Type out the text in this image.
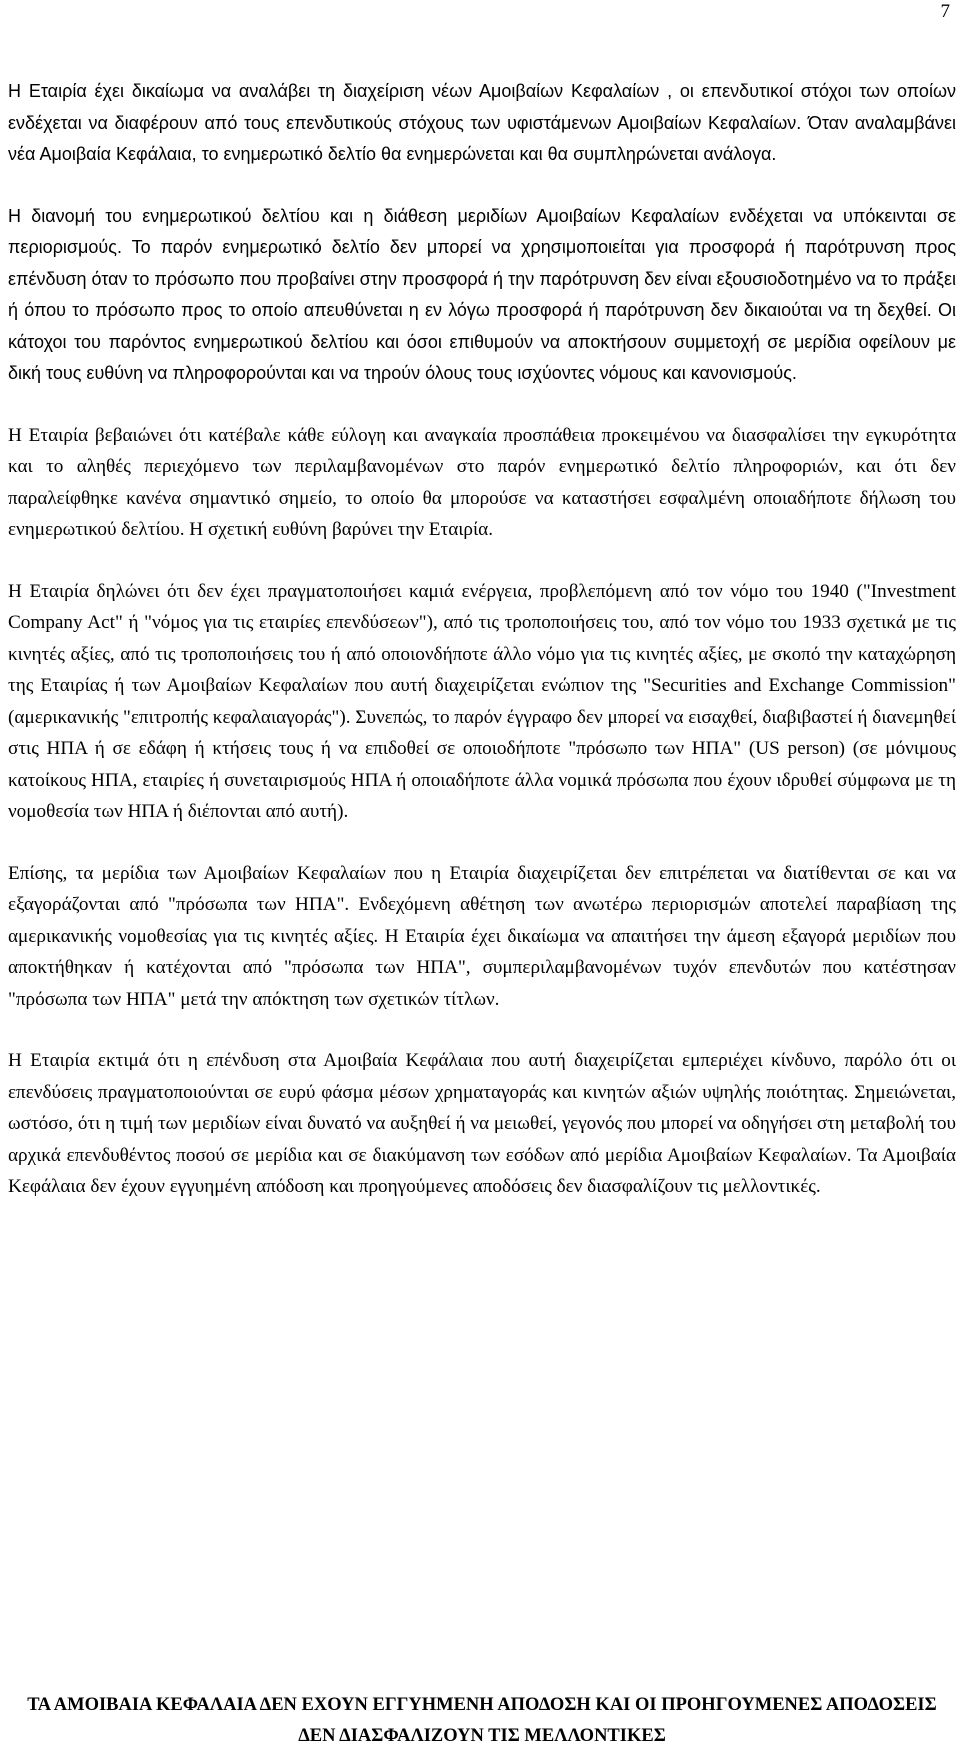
7

Η Εταιρία έχει δικαίωμα να αναλάβει τη διαχείριση νέων Αμοιβαίων Κεφαλαίων , οι επενδυτικοί στόχοι των οποίων ενδέχεται να διαφέρουν από τους επενδυτικούς στόχους των υφιστάμενων Αμοιβαίων Κεφαλαίων. Όταν αναλαμβάνει νέα Αμοιβαία Κεφάλαια, το ενημερωτικό δελτίο θα ενημερώνεται και θα συμπληρώνεται ανάλογα.

Η διανομή του ενημερωτικού δελτίου και η διάθεση μεριδίων Αμοιβαίων Κεφαλαίων ενδέχεται να υπόκεινται σε περιορισμούς. Το παρόν ενημερωτικό δελτίο δεν μπορεί να χρησιμοποιείται για προσφορά ή παρότρυνση προς επένδυση όταν το πρόσωπο που προβαίνει στην προσφορά ή την παρότρυνση δεν είναι εξουσιοδοτημένο να το πράξει ή όπου το πρόσωπο προς το οποίο απευθύνεται η εν λόγω προσφορά ή παρότρυνση δεν δικαιούται να τη δεχθεί. Οι κάτοχοι του παρόντος ενημερωτικού δελτίου και όσοι επιθυμούν να αποκτήσουν συμμετοχή σε μερίδια οφείλουν με δική τους ευθύνη να πληροφορούνται και να τηρούν όλους τους ισχύοντες νόμους και κανονισμούς.

Η Εταιρία βεβαιώνει ότι κατέβαλε κάθε εύλογη και αναγκαία προσπάθεια προκειμένου να διασφαλίσει την εγκυρότητα και το αληθές περιεχόμενο των περιλαμβανομένων στο παρόν ενημερωτικό δελτίο πληροφοριών, και ότι δεν παραλείφθηκε κανένα σημαντικό σημείο, το οποίο θα μπορούσε να καταστήσει εσφαλμένη οποιαδήποτε δήλωση του ενημερωτικού δελτίου. Η σχετική ευθύνη βαρύνει την Εταιρία.

Η Εταιρία δηλώνει ότι δεν έχει πραγματοποιήσει καμιά ενέργεια, προβλεπόμενη από τον νόμο του 1940 ("Investment Company Act" ή "νόμος για τις εταιρίες επενδύσεων"), από τις τροποποιήσεις του, από τον νόμο του 1933 σχετικά με τις κινητές αξίες, από τις τροποποιήσεις του ή από οποιονδήποτε άλλο νόμο για τις κινητές αξίες, με σκοπό την καταχώρηση της Εταιρίας ή των Αμοιβαίων Κεφαλαίων που αυτή διαχειρίζεται ενώπιον της "Securities and Exchange Commission" (αμερικανικής "επιτροπής κεφαλαιαγοράς"). Συνεπώς, το παρόν έγγραφο δεν μπορεί να εισαχθεί, διαβιβαστεί ή διανεμηθεί στις ΗΠΑ ή σε εδάφη ή κτήσεις τους ή να επιδοθεί σε οποιοδήποτε "πρόσωπο των ΗΠΑ" (US person) (σε μόνιμους κατοίκους ΗΠΑ, εταιρίες ή συνεταιρισμούς ΗΠΑ ή οποιαδήποτε άλλα νομικά πρόσωπα που έχουν ιδρυθεί σύμφωνα με τη νομοθεσία των ΗΠΑ ή διέπονται από αυτή).

Επίσης, τα μερίδια των Αμοιβαίων Κεφαλαίων που η Εταιρία διαχειρίζεται δεν επιτρέπεται να διατίθενται σε και να εξαγοράζονται από "πρόσωπα των ΗΠΑ". Ενδεχόμενη αθέτηση των ανωτέρω περιορισμών αποτελεί παραβίαση της αμερικανικής νομοθεσίας για τις κινητές αξίες. Η Εταιρία έχει δικαίωμα να απαιτήσει την άμεση εξαγορά μεριδίων που αποκτήθηκαν ή κατέχονται από "πρόσωπα των ΗΠΑ", συμπεριλαμβανομένων τυχόν επενδυτών που κατέστησαν "πρόσωπα των ΗΠΑ" μετά την απόκτηση των σχετικών τίτλων.

Η Εταιρία εκτιμά ότι η επένδυση στα Αμοιβαία Κεφάλαια που αυτή διαχειρίζεται εμπεριέχει κίνδυνο, παρόλο ότι οι επενδύσεις πραγματοποιούνται σε ευρύ φάσμα μέσων χρηματαγοράς και κινητών αξιών υψηλής ποιότητας. Σημειώνεται, ωστόσο, ότι η τιμή των μεριδίων είναι δυνατό να αυξηθεί ή να μειωθεί, γεγονός που μπορεί να οδηγήσει στη μεταβολή του αρχικά επενδυθέντος ποσού σε μερίδια και σε διακύμανση των εσόδων από μερίδια Αμοιβαίων Κεφαλαίων. Τα Αμοιβαία Κεφάλαια δεν έχουν εγγυημένη απόδοση και προηγούμενες αποδόσεις δεν διασφαλίζουν τις μελλοντικές.

ΤΑ ΑΜΟΙΒΑΙΑ ΚΕΦΑΛΑΙΑ ΔΕΝ ΕΧΟΥΝ ΕΓΓΥΗΜΕΝΗ ΑΠΟΔΟΣΗ ΚΑΙ ΟΙ ΠΡΟΗΓΟΥΜΕΝΕΣ ΑΠΟΔΟΣΕΙΣ ΔΕΝ ΔΙΑΣΦΑΛΙΖΟΥΝ ΤΙΣ ΜΕΛΛΟΝΤΙΚΕΣ
